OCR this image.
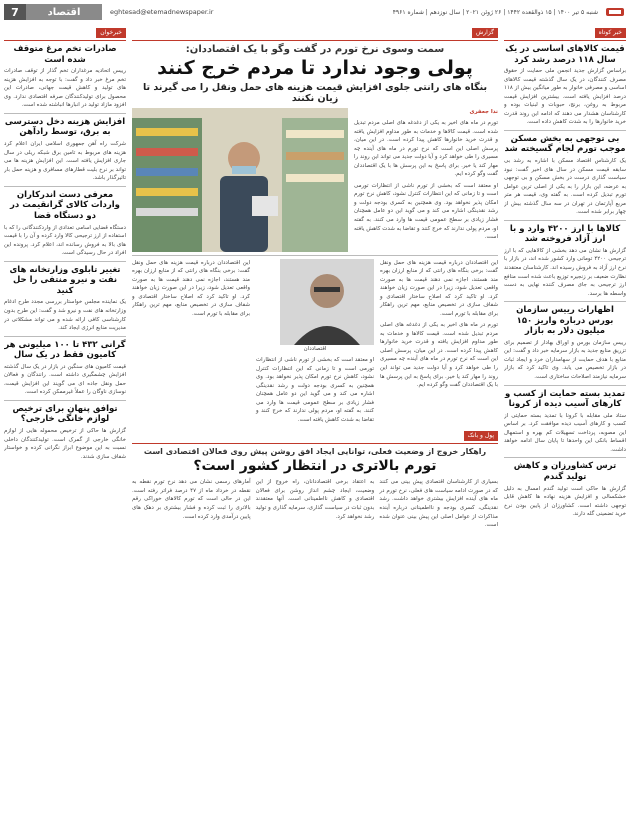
7	اقتصاد	eghtesad@etemadnewspaper.ir	شنبه ۵ تیر ۱۴۰۰ | ۱۵ ذوالقعده ۱۴۴۲ | ۲۶ ژوئن ۲۰۲۱ | سال نوزدهم | شماره ۴۹۶۱
خبر کوتاه
قیمت کالاهای اساسی در یک سال ۱۱۸ درصد رشد کرد
براساس گزارش جدید انجمن ملی حمایت از حقوق مصرف کنندگان، در یک سال گذشته قیمت کالاهای اساسی و مصرفی خانوار به طور میانگین بیش از ۱۱۸ درصد افزایش یافته است. بیشترین افزایش قیمت مربوط به روغن، برنج، حبوبات و لبنیات بوده و کارشناسان هشدار می دهند که ادامه این روند قدرت خرید خانوارها را به شدت کاهش داده است.
بی توجهی به بخش مسکن موجب تورم لجام گسیخته شد
یک کارشناس اقتصاد مسکن با اشاره به رشد بی سابقه قیمت مسکن در سال های اخیر گفت: نبود سیاست گذاری درست در بخش مسکن و بی توجهی به عرضه، این بازار را به یکی از اصلی ترین عوامل تورم تبدیل کرده است. به گفته وی، قیمت هر متر مربع آپارتمان در تهران در سه سال گذشته بیش از چهار برابر شده است.
کالاها با ارز ۴۲۰۰ وارد و با ارز آزاد فروخته شد
گزارش ها نشان می دهد بخشی از کالاهایی که با ارز ترجیحی ۴۲۰۰ تومانی وارد کشور شده اند، در بازار با نرخ ارز آزاد به فروش رسیده اند. کارشناسان معتقدند نظارت ضعیف بر زنجیره توزیع باعث شده است منافع ارز ترجیحی به جای مصرف کننده نهایی به دست واسطه ها برسد.
اظهارات رییس سازمان بورس درباره واریز ۱۵۰ میلیون دلار به بازار
رییس سازمان بورس و اوراق بهادار از تصمیم برای تزریق منابع جدید به بازار سرمایه خبر داد و گفت: این منابع با هدف حمایت از سهامداران خرد و ایجاد ثبات در بازار تخصیص می یابد. وی تاکید کرد که بازار سرمایه نیازمند اصلاحات ساختاری است.
تمدید بسته حمایت از کسب و کارهای آسیب دیده از کرونا
ستاد ملی مقابله با کرونا با تمدید بسته حمایتی از کسب و کارهای آسیب دیده موافقت کرد. بر اساس این مصوبه، پرداخت تسهیلات کم بهره و استمهال اقساط بانکی این واحدها تا پایان سال ادامه خواهد داشت.
ترس کشاورزان و کاهش تولید گندم
گزارش ها حاکی است تولید گندم امسال به دلیل خشکسالی و افزایش هزینه نهاده ها کاهش قابل توجهی داشته است. کشاورزان از پایین بودن نرخ خرید تضمینی گله دارند.
گزارش
سمت وسوی نرخ تورم در گفت وگو با یک اقتصاددان:
پولی وجود ندارد تا مردم خرج کنند
بنگاه های رانتی جلوی افزایش قیمت هزینه های حمل ونقل را می گیرند تا زیان نکنند
ندا جعفری
تورم در ماه های اخیر به یکی از دغدغه های اصلی مردم تبدیل شده است. قیمت کالاها و خدمات به طور مداوم افزایش یافته و قدرت خرید خانوارها کاهش پیدا کرده است. در این میان، پرسش اصلی این است که نرخ تورم در ماه های آینده چه مسیری را طی خواهد کرد و آیا دولت جدید می تواند این روند را مهار کند یا خیر. برای پاسخ به این پرسش ها با یک اقتصاددان گفت وگو کرده ایم.
او معتقد است که بخشی از تورم ناشی از انتظارات تورمی است و تا زمانی که این انتظارات کنترل نشود، کاهش نرخ تورم امکان پذیر نخواهد بود. وی همچنین به کسری بودجه دولت و رشد نقدینگی اشاره می کند و می گوید این دو عامل همچنان فشار زیادی بر سطح عمومی قیمت ها وارد می کنند. به گفته او، مردم پولی ندارند که خرج کنند و تقاضا به شدت کاهش یافته است.
این اقتصاددان درباره قیمت هزینه های حمل ونقل گفت: برخی بنگاه های رانتی که از منابع ارزان بهره مند هستند، اجازه نمی دهند قیمت ها به صورت واقعی تعدیل شود، زیرا در این صورت زیان خواهند کرد. او تاکید کرد که اصلاح ساختار اقتصادی و شفاف سازی در تخصیص منابع، مهم ترین راهکار برای مقابله با تورم است.
تورم در ماه های اخیر به یکی از دغدغه های اصلی مردم تبدیل شده است. قیمت کالاها و خدمات به طور مداوم افزایش یافته و قدرت خرید خانوارها کاهش پیدا کرده است. در این میان، پرسش اصلی این است که نرخ تورم در ماه های آینده چه مسیری را طی خواهد کرد و آیا دولت جدید می تواند این روند را مهار کند یا خیر. برای پاسخ به این پرسش ها با یک اقتصاددان گفت وگو کرده ایم.
اقتصاددان
او معتقد است که بخشی از تورم ناشی از انتظارات تورمی است و تا زمانی که این انتظارات کنترل نشود، کاهش نرخ تورم امکان پذیر نخواهد بود. وی همچنین به کسری بودجه دولت و رشد نقدینگی اشاره می کند و می گوید این دو عامل همچنان فشار زیادی بر سطح عمومی قیمت ها وارد می کنند. به گفته او، مردم پولی ندارند که خرج کنند و تقاضا به شدت کاهش یافته است.
این اقتصاددان درباره قیمت هزینه های حمل ونقل گفت: برخی بنگاه های رانتی که از منابع ارزان بهره مند هستند، اجازه نمی دهند قیمت ها به صورت واقعی تعدیل شود، زیرا در این صورت زیان خواهند کرد. او تاکید کرد که اصلاح ساختار اقتصادی و شفاف سازی در تخصیص منابع، مهم ترین راهکار برای مقابله با تورم است.
پول و بانک
راهکار خروج از وضعیت فعلی، توانایی ایجاد افق روشن پیش روی فعالان اقتصادی است
تورم بالاتری در انتظار کشور است؟
بسیاری از کارشناسان اقتصادی پیش بینی می کنند که در صورت ادامه سیاست های فعلی، نرخ تورم در ماه های آینده افزایش بیشتری خواهد داشت. رشد نقدینگی، کسری بودجه و نااطمینانی درباره آینده مذاکرات از عوامل اصلی این پیش بینی عنوان شده است.
به اعتقاد برخی اقتصاددانان، راه خروج از این وضعیت، ایجاد چشم انداز روشن برای فعالان اقتصادی و کاهش نااطمینانی است. آنها معتقدند بدون ثبات در سیاست گذاری، سرمایه گذاری و تولید رشد نخواهد کرد.
آمارهای رسمی نشان می دهد نرخ تورم نقطه به نقطه در خرداد ماه از ۴۷ درصد فراتر رفته است. این در حالی است که تورم کالاهای خوراکی رقم بالاتری را ثبت کرده و فشار بیشتری بر دهک های پایین درآمدی وارد کرده است.
خبرخوان
صادرات تخم مرغ متوقف شده است
رییس اتحادیه مرغداران تخم گذار از توقف صادرات تخم مرغ خبر داد و گفت: با توجه به افزایش هزینه های تولید و کاهش قیمت جهانی، صادرات این محصول برای تولیدکنندگان صرفه اقتصادی ندارد. وی افزود مازاد تولید در انبارها انباشته شده است.
افزایش هزینه دخل دسترسی به برق، توسط رادآهن
شرکت راه آهن جمهوری اسلامی ایران اعلام کرد هزینه های مربوط به تامین برق شبکه ریلی در سال جاری افزایش یافته است. این افزایش هزینه ها می تواند بر نرخ بلیت قطارهای مسافری و هزینه حمل بار تاثیرگذار باشد.
معرفی دست اندرکاران واردات کالای گرانقیمت در دو دستگاه قضا
دستگاه قضایی اسامی تعدادی از واردکنندگانی را که با استفاده از ارز ترجیحی کالا وارد کرده و آن را با قیمت های بالا به فروش رسانده اند، اعلام کرد. پرونده این افراد در حال رسیدگی است.
تغییر تابلوی وزارتخانه های نفت و نیرو منتفی را حل کنید
یک نماینده مجلس خواستار بررسی مجدد طرح ادغام وزارتخانه های نفت و نیرو شد و گفت: این طرح بدون کارشناسی کافی ارائه شده و می تواند مشکلاتی در مدیریت منابع انرژی ایجاد کند.
گرانی ۴۳۲ تا ۱۰۰ میلیونی هر کامیون فقط در یک سال
قیمت کامیون های سنگین در بازار در یک سال گذشته افزایش چشمگیری داشته است. رانندگان و فعالان حمل ونقل جاده ای می گویند این افزایش قیمت، نوسازی ناوگان را عملاً غیرممکن کرده است.
توافق پنهان برای ترخیص لوازم خانگی خارجی؟
گزارش ها حاکی از ترخیص محموله هایی از لوازم خانگی خارجی از گمرک است. تولیدکنندگان داخلی نسبت به این موضوع ابراز نگرانی کرده و خواستار شفاف سازی شدند.
